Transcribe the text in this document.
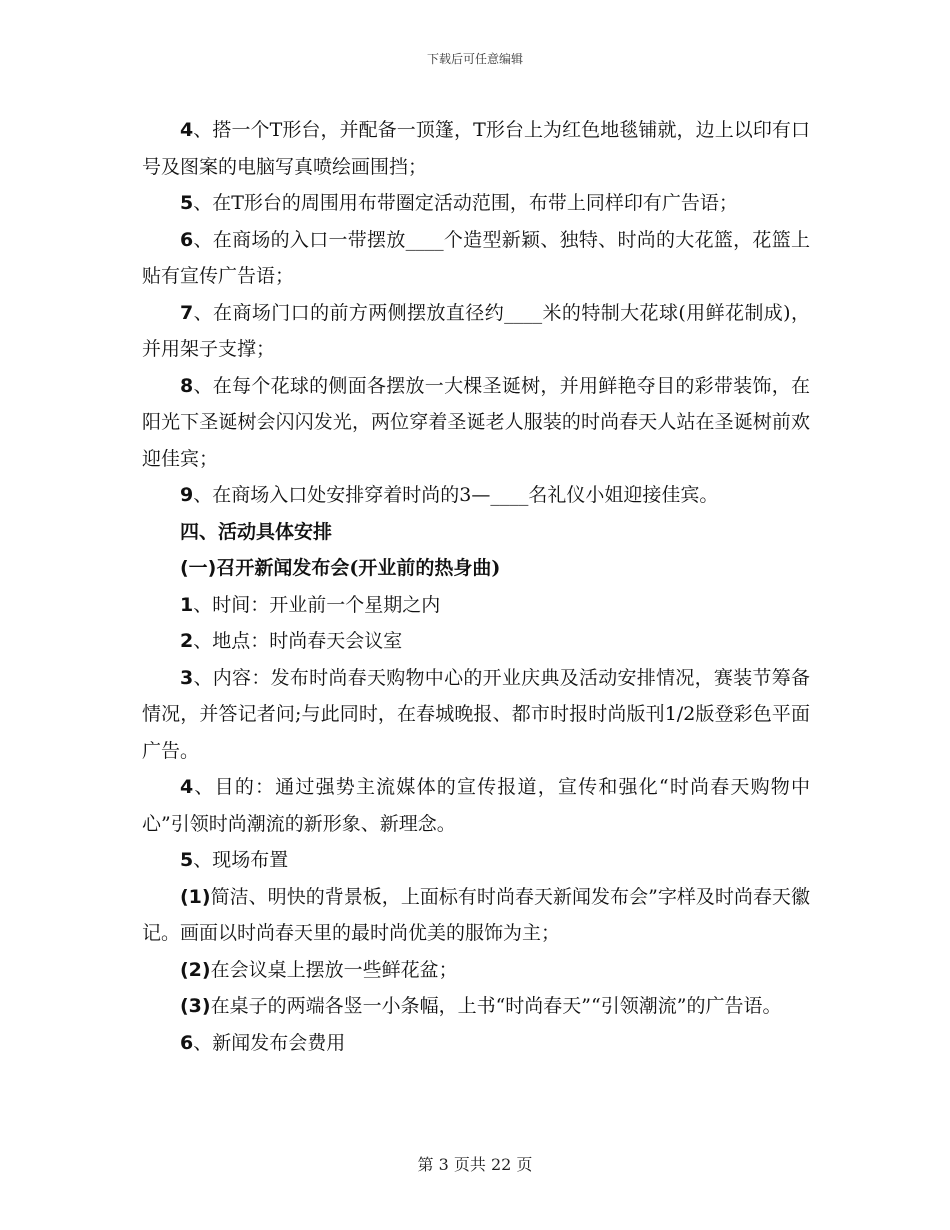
下载后可任意编辑

4、搭一个T形台，并配备一顶篷，T形台上为红色地毯铺就，边上以印有口号及图案的电脑写真喷绘画围挡；

5、在T形台的周围用布带圈定活动范围，布带上同样印有广告语；

6、在商场的入口一带摆放____个造型新颖、独特、时尚的大花篮，花篮上贴有宣传广告语；

7、在商场门口的前方两侧摆放直径约____米的特制大花球(用鲜花制成)，并用架子支撑；

8、在每个花球的侧面各摆放一大棵圣诞树，并用鲜艳夺目的彩带装饰，在阳光下圣诞树会闪闪发光，两位穿着圣诞老人服装的时尚春天人站在圣诞树前欢迎佳宾；

9、在商场入口处安排穿着时尚的3—____名礼仪小姐迎接佳宾。

四、活动具体安排

(一)召开新闻发布会(开业前的热身曲)

1、时间：开业前一个星期之内

2、地点：时尚春天会议室

3、内容：发布时尚春天购物中心的开业庆典及活动安排情况，赛装节筹备情况，并答记者问;与此同时，在春城晚报、都市时报时尚版刊1/2版登彩色平面广告。

4、目的：通过强势主流媒体的宣传报道，宣传和强化“时尚春天购物中心”引领时尚潮流的新形象、新理念。

5、现场布置

(1)简洁、明快的背景板，上面标有时尚春天新闻发布会”字样及时尚春天徽记。画面以时尚春天里的最时尚优美的服饰为主；

(2)在会议桌上摆放一些鲜花盆；

(3)在桌子的两端各竖一小条幅，上书“时尚春天”“引领潮流”的广告语。

6、新闻发布会费用

第 3 页共 22 页
